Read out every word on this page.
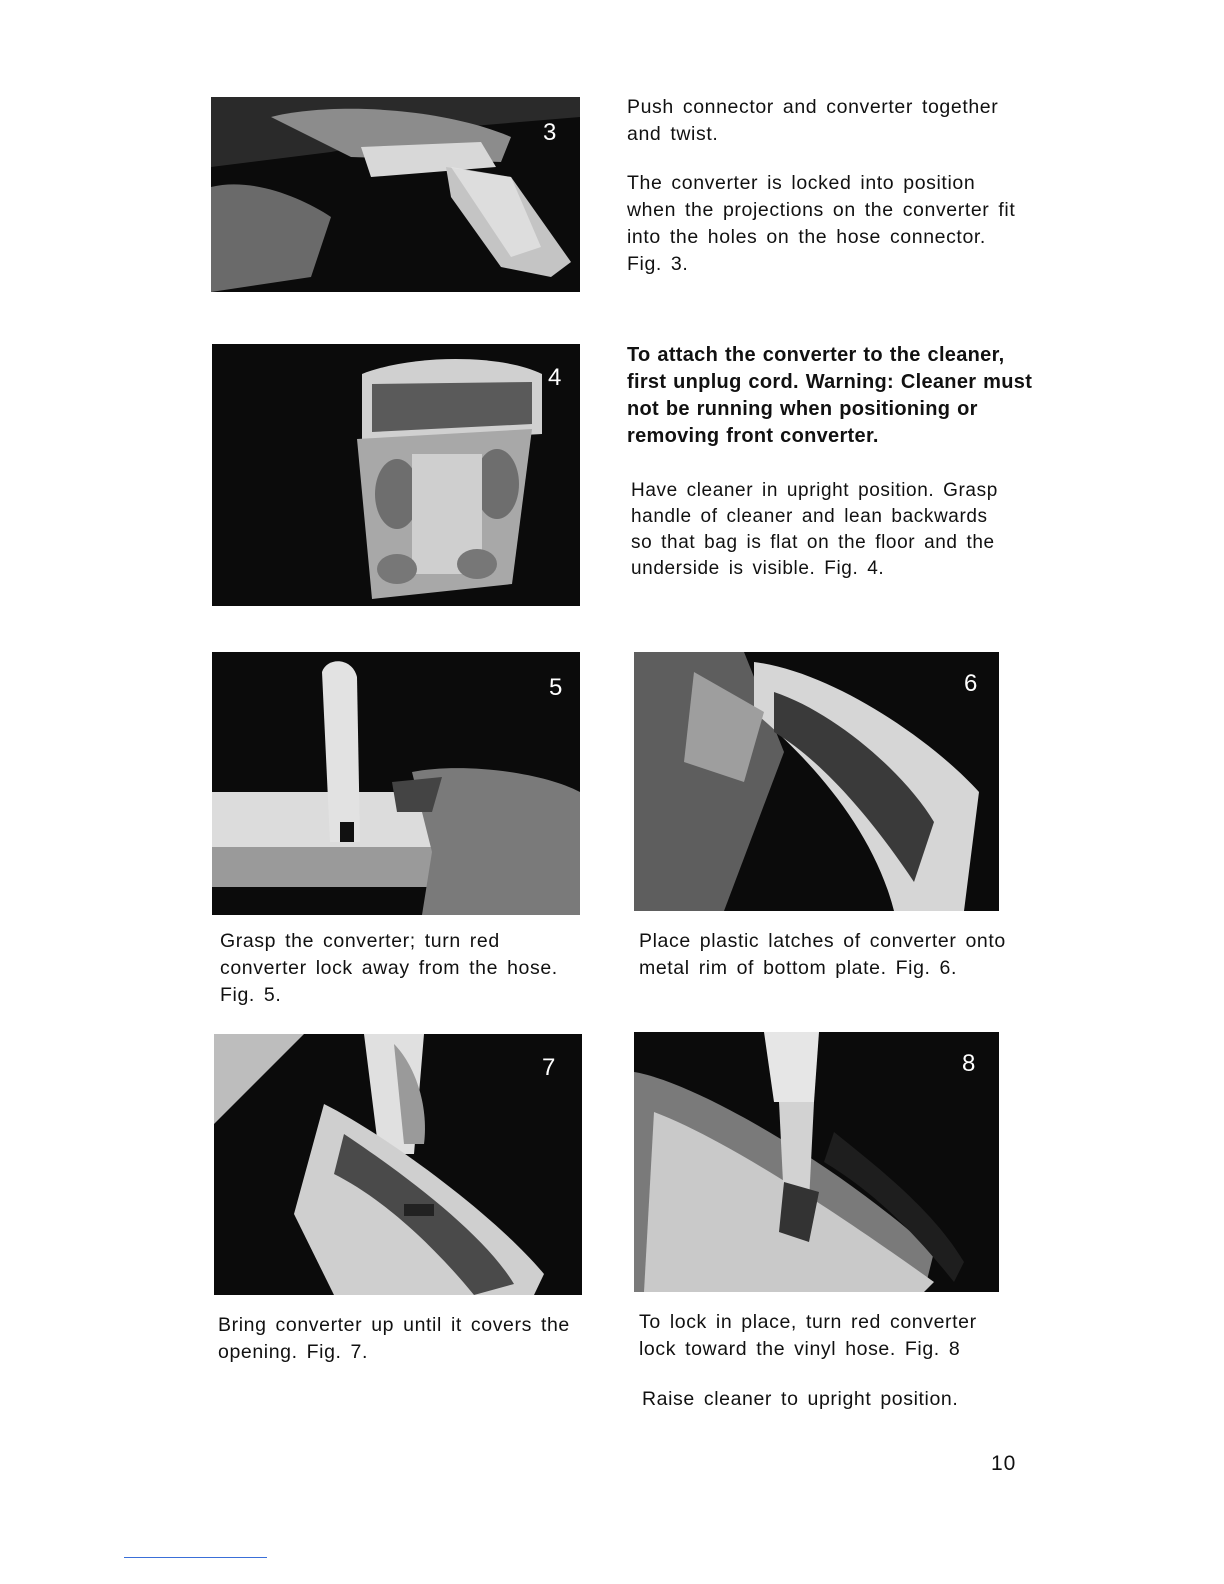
3

Push connector and converter together and twist.

The converter is locked into position when the projections on the converter fit into the holes on the hose connector. Fig. 3.

4

To attach the converter to the cleaner, first unplug cord. Warning: Cleaner must not be running when positioning or removing front converter.

Have cleaner in upright position. Grasp handle of cleaner and lean backwards so that bag is flat on the floor and the underside is visible. Fig. 4.

5

Grasp the converter; turn red converter lock away from the hose. Fig. 5.

6

Place plastic latches of converter onto metal rim of bottom plate. Fig. 6.

7

Bring converter up until it covers the opening. Fig. 7.

8

To lock in place, turn red converter lock toward the vinyl hose. Fig. 8

Raise cleaner to upright position.

10
